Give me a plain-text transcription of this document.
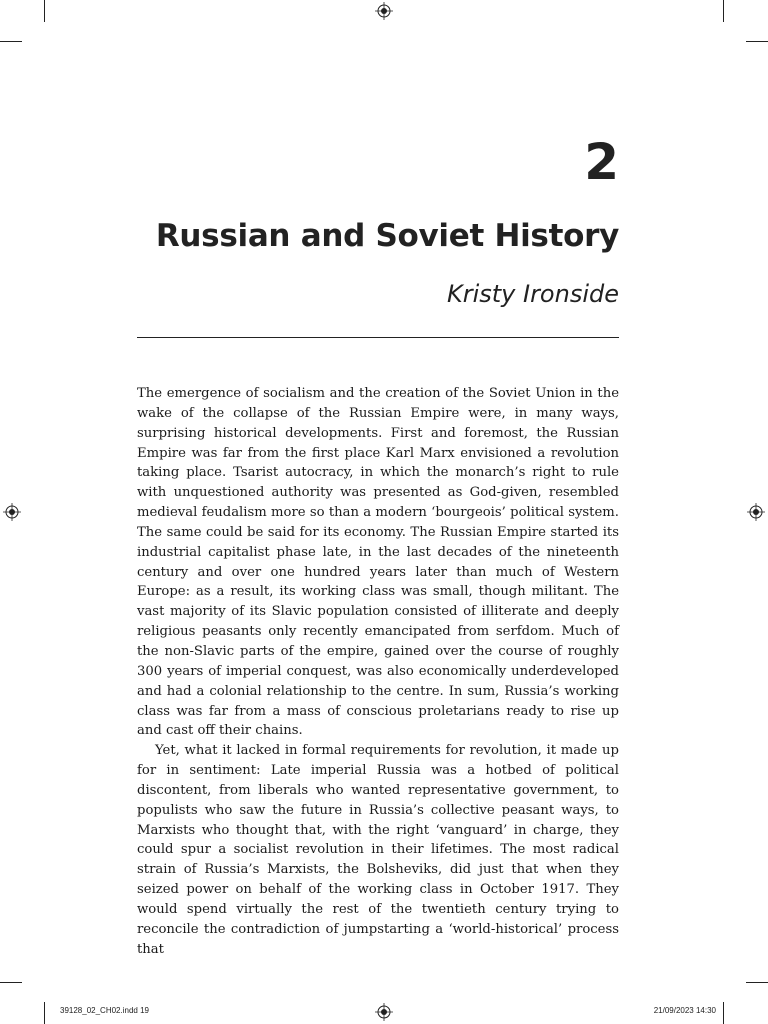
2
Russian and Soviet History
Kristy Ironside

The emergence of socialism and the creation of the Soviet Union in the wake of the collapse of the Russian Empire were, in many ways, surprising historical developments. First and foremost, the Russian Empire was far from the first place Karl Marx envisioned a revolution taking place. Tsarist autocracy, in which the monarch’s right to rule with unquestioned authority was presented as God-given, resembled medieval feudalism more so than a modern ‘bourgeois’ political system. The same could be said for its economy. The Russian Empire started its industrial capitalist phase late, in the last decades of the nineteenth century and over one hundred years later than much of Western Europe: as a result, its working class was small, though militant. The vast majority of its Slavic population consisted of illiterate and deeply religious peasants only recently emancipated from serfdom. Much of the non-Slavic parts of the empire, gained over the course of roughly 300 years of imperial conquest, was also economically underdeveloped and had a colonial relationship to the centre. In sum, Russia’s working class was far from a mass of conscious proletarians ready to rise up and cast off their chains.

Yet, what it lacked in formal requirements for revolution, it made up for in sentiment: Late imperial Russia was a hotbed of political discontent, from liberals who wanted representative government, to populists who saw the future in Russia’s collective peasant ways, to Marxists who thought that, with the right ‘vanguard’ in charge, they could spur a socialist revolution in their lifetimes. The most radical strain of Russia’s Marxists, the Bolsheviks, did just that when they seized power on behalf of the working class in October 1917. They would spend virtually the rest of the twentieth century trying to reconcile the contradiction of jumpstarting a ‘world-historical’ process that

39128_02_CH02.indd 19	21/09/2023 14:30
